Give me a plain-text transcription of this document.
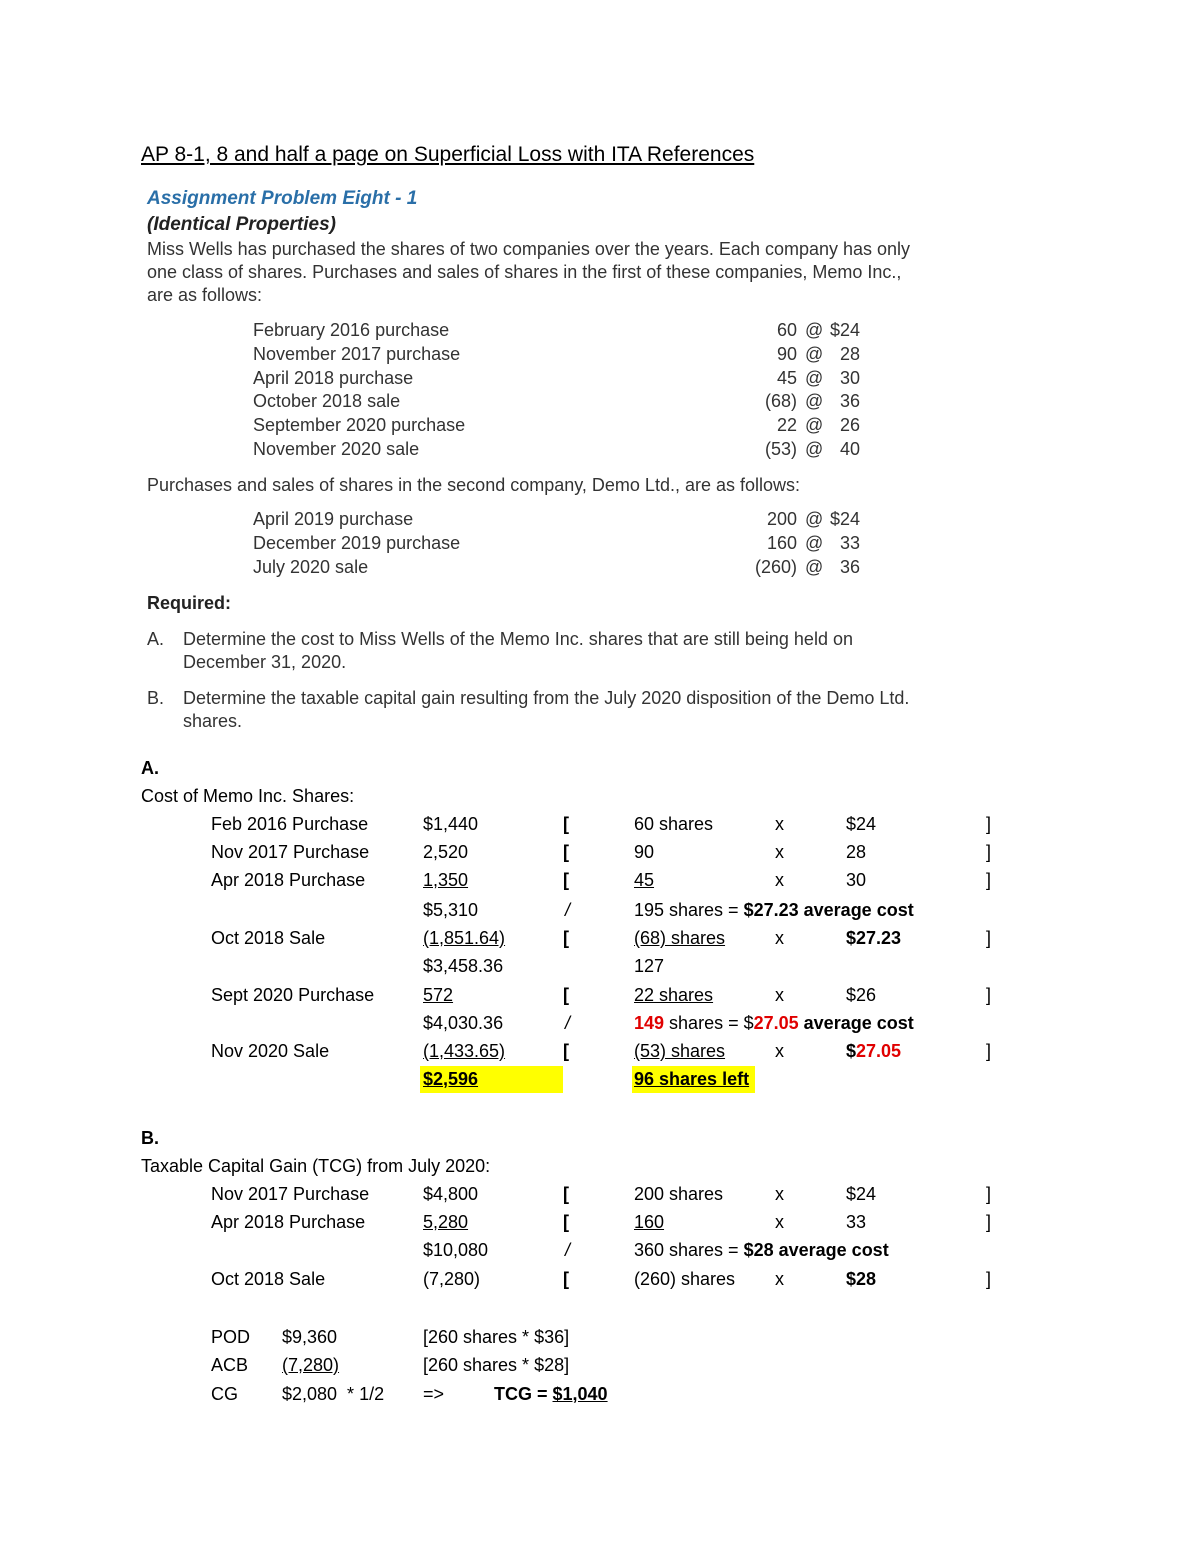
AP 8-1, 8 and half a page on Superficial Loss with ITA References
Assignment Problem Eight - 1
(Identical Properties)
Miss Wells has purchased the shares of two companies over the years. Each company has only
one class of shares. Purchases and sales of shares in the first of these companies, Memo Inc.,
are as follows:
February 2016 purchase	60 @ $24
November 2017 purchase	90 @ 28
April 2018 purchase	45 @ 30
October 2018 sale	(68) @ 36
September 2020 purchase	22 @ 26
November 2020 sale	(53) @ 40
Purchases and sales of shares in the second company, Demo Ltd., are as follows:
April 2019 purchase	200 @ $24
December 2019 purchase	160 @ 33
July 2020 sale	(260) @ 36
Required:
A. Determine the cost to Miss Wells of the Memo Inc. shares that are still being held on
December 31, 2020.
B. Determine the taxable capital gain resulting from the July 2020 disposition of the Demo Ltd.
shares.
A.
Cost of Memo Inc. Shares:
Feb 2016 Purchase	$1,440	[	60 shares	x	$24	]
Nov 2017 Purchase	2,520	[	90	x	28	]
Apr 2018 Purchase	1,350	[	45	x	30	]
$5,310	/	195 shares = $27.23 average cost
Oct 2018 Sale	(1,851.64)	[	(68) shares	x	$27.23	]
$3,458.36	127
Sept 2020 Purchase	572	[	22 shares	x	$26	]
$4,030.36	/	149 shares = $27.05 average cost
Nov 2020 Sale	(1,433.65)	[	(53) shares	x	$27.05	]
$2,596	96 shares left
B.
Taxable Capital Gain (TCG) from July 2020:
Nov 2017 Purchase	$4,800	[	200 shares	x	$24	]
Apr 2018 Purchase	5,280	[	160	x	33	]
$10,080	/	360 shares = $28 average cost
Oct 2018 Sale	(7,280)	[	(260) shares x	$28	]
POD $9,360	[260 shares * $36]
ACB (7,280)	[260 shares * $28]
CG $2,080  * 1/2 =>	TCG = $1,040
